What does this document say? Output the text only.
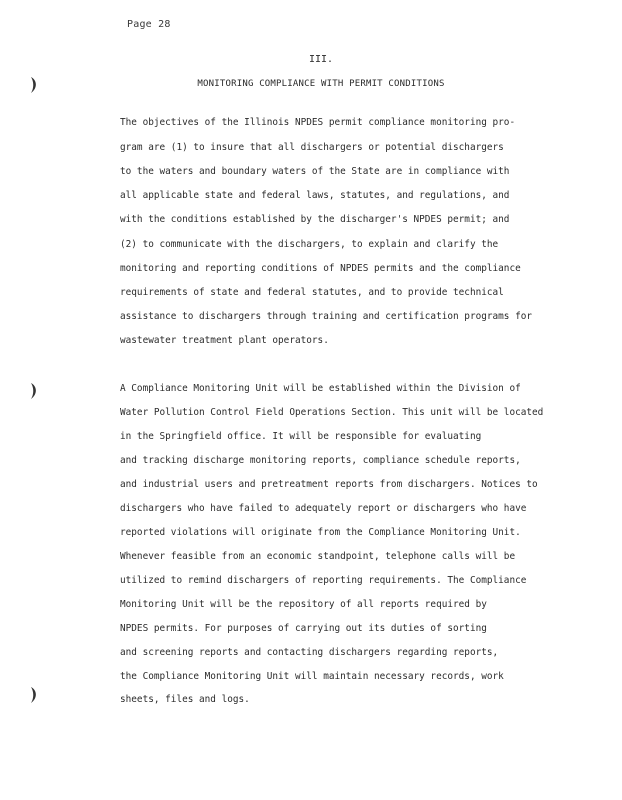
Page 28
III.
MONITORING COMPLIANCE WITH PERMIT CONDITIONS
The objectives of the Illinois NPDES permit compliance monitoring pro-
gram are (1) to insure that all dischargers or potential dischargers
to the waters and boundary waters of the State are in compliance with
all applicable state and federal laws, statutes, and regulations, and
with the conditions established by the discharger's NPDES permit; and
(2) to communicate with the dischargers, to explain and clarify the
monitoring and reporting conditions of NPDES permits and the compliance
requirements of state and federal statutes, and to provide technical
assistance to dischargers through training and certification programs for
wastewater treatment plant operators.
A Compliance Monitoring Unit will be established within the Division of
Water Pollution Control Field Operations Section. This unit will be located
in the Springfield office. It will be responsible for evaluating
and tracking discharge monitoring reports, compliance schedule reports,
and industrial users and pretreatment reports from dischargers. Notices to
dischargers who have failed to adequately report or dischargers who have
reported violations will originate from the Compliance Monitoring Unit.
Whenever feasible from an economic standpoint, telephone calls will be
utilized to remind dischargers of reporting requirements. The Compliance
Monitoring Unit will be the repository of all reports required by
NPDES permits. For purposes of carrying out its duties of sorting
and screening reports and contacting dischargers regarding reports,
the Compliance Monitoring Unit will maintain necessary records, work
sheets, files and logs.
